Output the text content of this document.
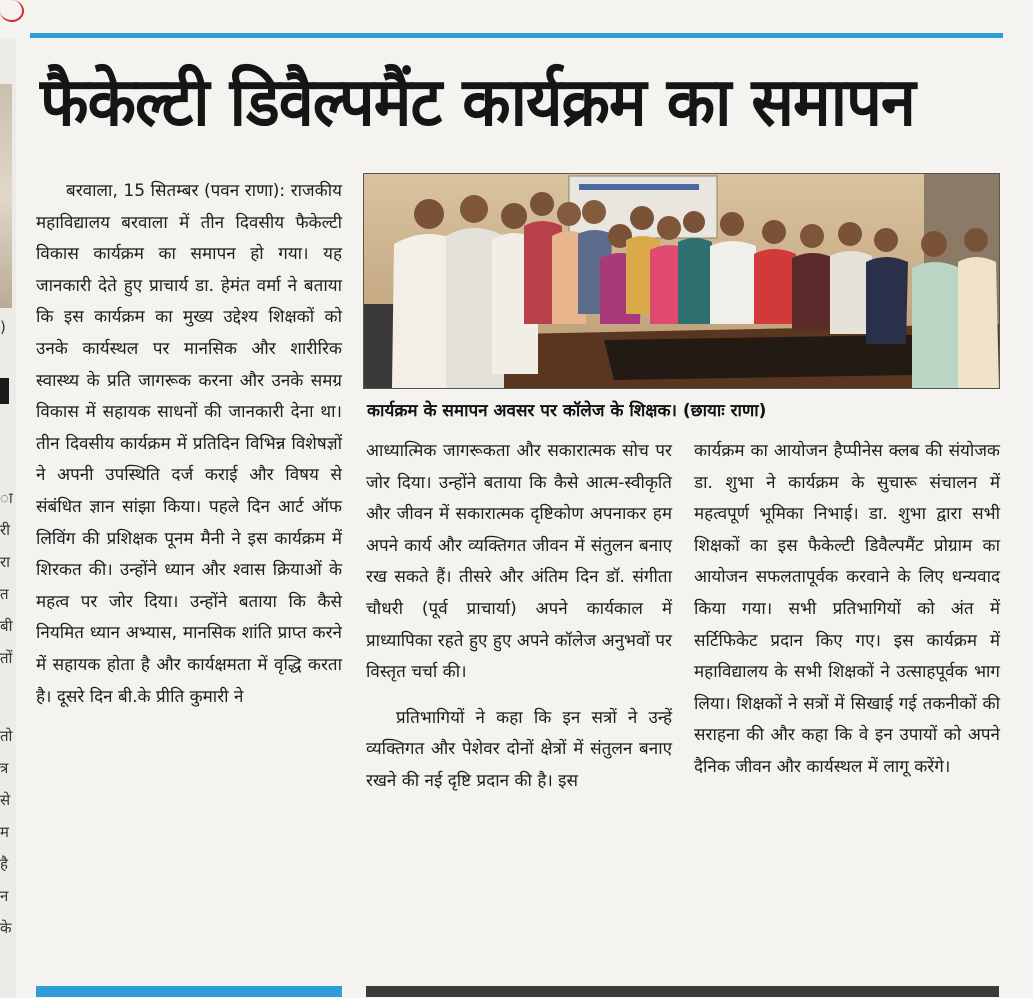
)
ा
री
रा
त
बी
तों
तो
त्र
से
म
है
न
के
फैकेल्टी डिवैल्पमैंट कार्यक्रम का समापन
बरवाला, 15 सितम्बर (पवन राणा): राजकीय महाविद्यालय बरवाला में तीन दिवसीय फैकेल्टी विकास कार्यक्रम का समापन हो गया। यह जानकारी देते हुए प्राचार्य डा. हेमंत वर्मा ने बताया कि इस कार्यक्रम का मुख्य उद्देश्य शिक्षकों को उनके कार्यस्थल पर मानसिक और शारीरिक स्वास्थ्य के प्रति जागरूक करना और उनके समग्र विकास में सहायक साधनों की जानकारी देना था। तीन दिवसीय कार्यक्रम में प्रतिदिन विभिन्न विशेषज्ञों ने अपनी उपस्थिति दर्ज कराई और विषय से संबंधित ज्ञान सांझा किया। पहले दिन आर्ट ऑफ लिविंग की प्रशिक्षक पूनम मैनी ने इस कार्यक्रम में शिरकत की। उन्होंने ध्यान और श्वास क्रियाओं के महत्व पर जोर दिया। उन्होंने बताया कि कैसे नियमित ध्यान अभ्यास, मानसिक शांति प्राप्त करने में सहायक होता है और कार्यक्षमता में वृद्धि करता है। दूसरे दिन बी.के प्रीति कुमारी ने
कार्यक्रम के समापन अवसर पर कॉलेज के शिक्षक। (छायाः राणा)

आध्यात्मिक जागरूकता और सकारात्मक सोच पर जोर दिया। उन्होंने बताया कि कैसे आत्म-स्वीकृति और जीवन में सकारात्मक दृष्टिकोण अपनाकर हम अपने कार्य और व्यक्तिगत जीवन में संतुलन बनाए रख सकते हैं। तीसरे और अंतिम दिन डॉ. संगीता चौधरी (पूर्व प्राचार्या) अपने कार्यकाल में प्राध्यापिका रहते हुए हुए अपने कॉलेज अनुभवों पर विस्तृत चर्चा की।

प्रतिभागियों ने कहा कि इन सत्रों ने उन्हें व्यक्तिगत और पेशेवर दोनों क्षेत्रों में संतुलन बनाए रखने की नई दृष्टि प्रदान की है। इस

कार्यक्रम का आयोजन हैप्पीनेस क्लब की संयोजक डा. शुभा ने कार्यक्रम के सुचारू संचालन में महत्वपूर्ण भूमिका निभाई। डा. शुभा द्वारा सभी शिक्षकों का इस फैकेल्टी डिवैल्पमैंट प्रोग्राम का आयोजन सफलतापूर्वक करवाने के लिए धन्यवाद किया गया। सभी प्रतिभागियों को अंत में सर्टिफिकेट प्रदान किए गए। इस कार्यक्रम में महाविद्यालय के सभी शिक्षकों ने उत्साहपूर्वक भाग लिया। शिक्षकों ने सत्रों में सिखाई गई तकनीकों की सराहना की और कहा कि वे इन उपायों को अपने दैनिक जीवन और कार्यस्थल में लागू करेंगे।
